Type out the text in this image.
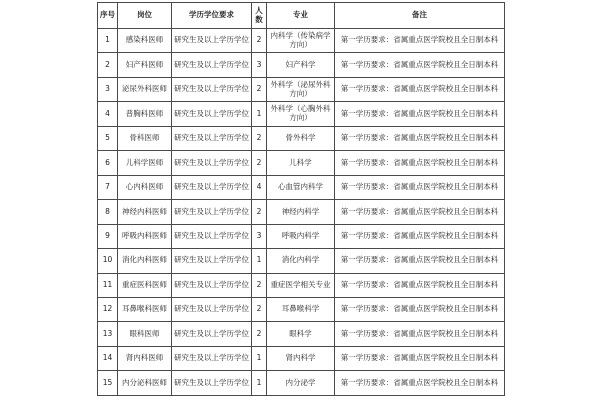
序号	岗位	学历学位要求	人数	专业	备注
1	感染科医师	研究生及以上学历学位	2	内科学（传染病学方向）	第一学历要求：省属重点医学院校且全日制本科
2	妇产科医师	研究生及以上学历学位	3	妇产科学	第一学历要求：省属重点医学院校且全日制本科
3	泌尿外科医师	研究生及以上学历学位	2	外科学（泌尿外科方向）	第一学历要求：省属重点医学院校且全日制本科
4	普胸科医师	研究生及以上学历学位	1	外科学（心胸外科方向）	第一学历要求：省属重点医学院校且全日制本科
5	骨科医师	研究生及以上学历学位	2	骨外科学	第一学历要求：省属重点医学院校且全日制本科
6	儿科学医师	研究生及以上学历学位	2	儿科学	第一学历要求：省属重点医学院校且全日制本科
7	心内科医师	研究生及以上学历学位	4	心血管内科学	第一学历要求：省属重点医学院校且全日制本科
8	神经内科医师	研究生及以上学历学位	2	神经内科学	第一学历要求：省属重点医学院校且全日制本科
9	呼吸内科医师	研究生及以上学历学位	3	呼吸内科学	第一学历要求：省属重点医学院校且全日制本科
10	消化内科医师	研究生及以上学历学位	1	消化内科学	第一学历要求：省属重点医学院校且全日制本科
11	重症医科医师	研究生及以上学历学位	2	重症医学相关专业	第一学历要求：省属重点医学院校且全日制本科
12	耳鼻喉科医师	研究生及以上学历学位	2	耳鼻喉科学	第一学历要求：省属重点医学院校且全日制本科
13	眼科医师	研究生及以上学历学位	2	眼科学	第一学历要求：省属重点医学院校且全日制本科
14	肾内科医师	研究生及以上学历学位	1	肾内科学	第一学历要求：省属重点医学院校且全日制本科
15	内分泌科医师	研究生及以上学历学位	1	内分泌学	第一学历要求：省属重点医学院校且全日制本科
